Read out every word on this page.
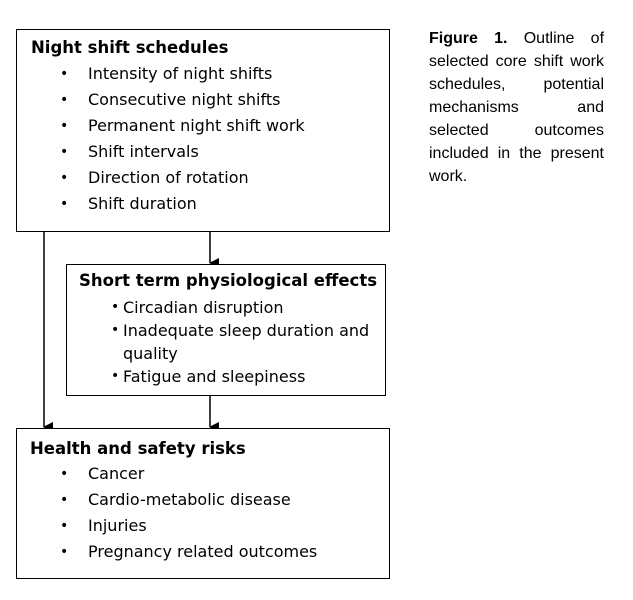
Night shift schedules
• Intensity of night shifts
• Consecutive night shifts
• Permanent night shift work
• Shift intervals
• Direction of rotation
• Shift duration
Short term physiological effects
• Circadian disruption
• Inadequate sleep duration and quality
• Fatigue and sleepiness
Health and safety risks
• Cancer
• Cardio-metabolic disease
• Injuries
• Pregnancy related outcomes
Figure 1. Outline of selected core shift work schedules, potential mechanisms and selected outcomes included in the present work.
